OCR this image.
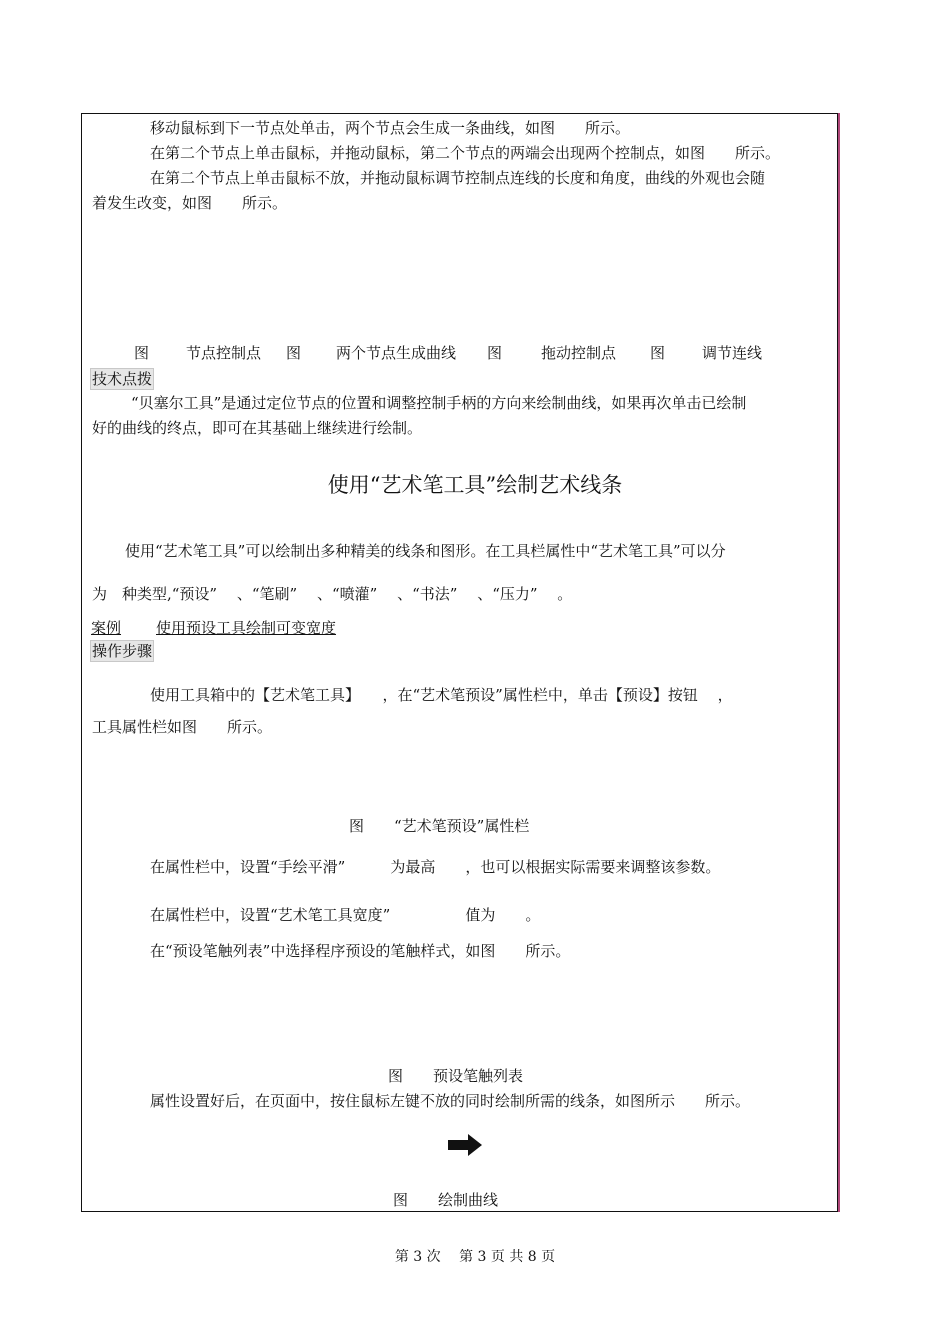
移动鼠标到下一节点处单击，两个节点会生成一条曲线，如图　　所示。
在第二个节点上单击鼠标，并拖动鼠标，第二个节点的两端会出现两个控制点，如图　　所示。
在第二个节点上单击鼠标不放，并拖动鼠标调节控制点连线的长度和角度，曲线的外观也会随
着发生改变，如图　　所示。
图 节点控制点 图 两个节点生成曲线 图	拖动控制点 图 调节连线
技术点拨
“贝塞尔工具”是通过定位节点的位置和调整控制手柄的方向来绘制曲线，如果再次单击已绘制
好的曲线的终点，即可在其基础上继续进行绘制。
使用“艺术笔工具”绘制艺术线条
使用“艺术笔工具”可以绘制出多种精美的线条和图形。在工具栏属性中“艺术笔工具”可以分
为　种类型,“预设”　 、“笔刷”　 、“喷灌”　 、“书法”　 、“压力”　 。
案例 使用预设工具绘制可变宽度
操作步骤
使用工具箱中的【艺术笔工具】　　，在“艺术笔预设”属性栏中，单击【预设】按钮　 ，
工具属性栏如图　　所示。
图　　“艺术笔预设”属性栏
在属性栏中，设置“手绘平滑”　　　为最高　　，也可以根据实际需要来调整该参数。
在属性栏中，设置“艺术笔工具宽度”　　　　　值为　　。
在“预设笔触列表”中选择程序预设的笔触样式，如图　　所示。
图　　预设笔触列表
属性设置好后，在页面中，按住鼠标左键不放的同时绘制所需的线条，如图所示　　所示。
图　　绘制曲线
第 3 次　 第 3 页 共 8 页
